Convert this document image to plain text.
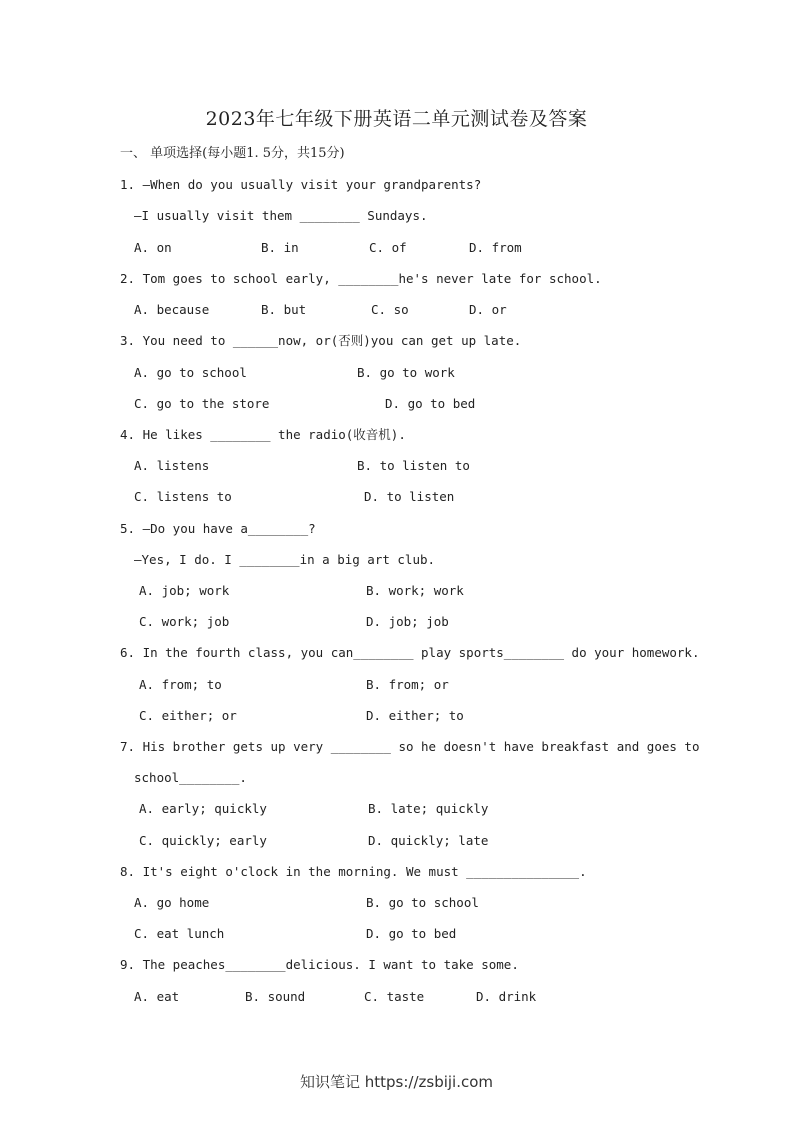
2023年七年级下册英语二单元测试卷及答案
一、 单项选择(每小题1. 5分，共15分)
1. —When do you usually visit your grandparents?
—I usually visit them ________ Sundays.
A. on	B. in	C. of	D. from
2. Tom goes to school early, ________he's never late for school.
A. because	B. but	C. so	D. or
3. You need to ______now, or(否则)you can get up late.
A. go to school	B. go to work
C. go to the store	D. go to bed
4. He likes ________ the radio(收音机).
A. listens	B. to listen to
C. listens to	D. to listen
5. —Do you have a________?
—Yes, I do. I ________in a big art club.
A. job; work	B. work; work
C. work; job	D. job; job
6. In the fourth class, you can________ play sports________ do your homework.
A. from; to	B. from; or
C. either; or	D. either; to
7. His brother gets up very ________ so he doesn't have breakfast and goes to
school________.
A. early; quickly	B. late; quickly
C. quickly; early	D. quickly; late
8. It's eight o'clock in the morning. We must _______________.
A. go home	B. go to school
C. eat lunch	D. go to bed
9. The peaches________delicious. I want to take some.
A. eat	B. sound	C. taste	D. drink
知识笔记 https://zsbiji.com
